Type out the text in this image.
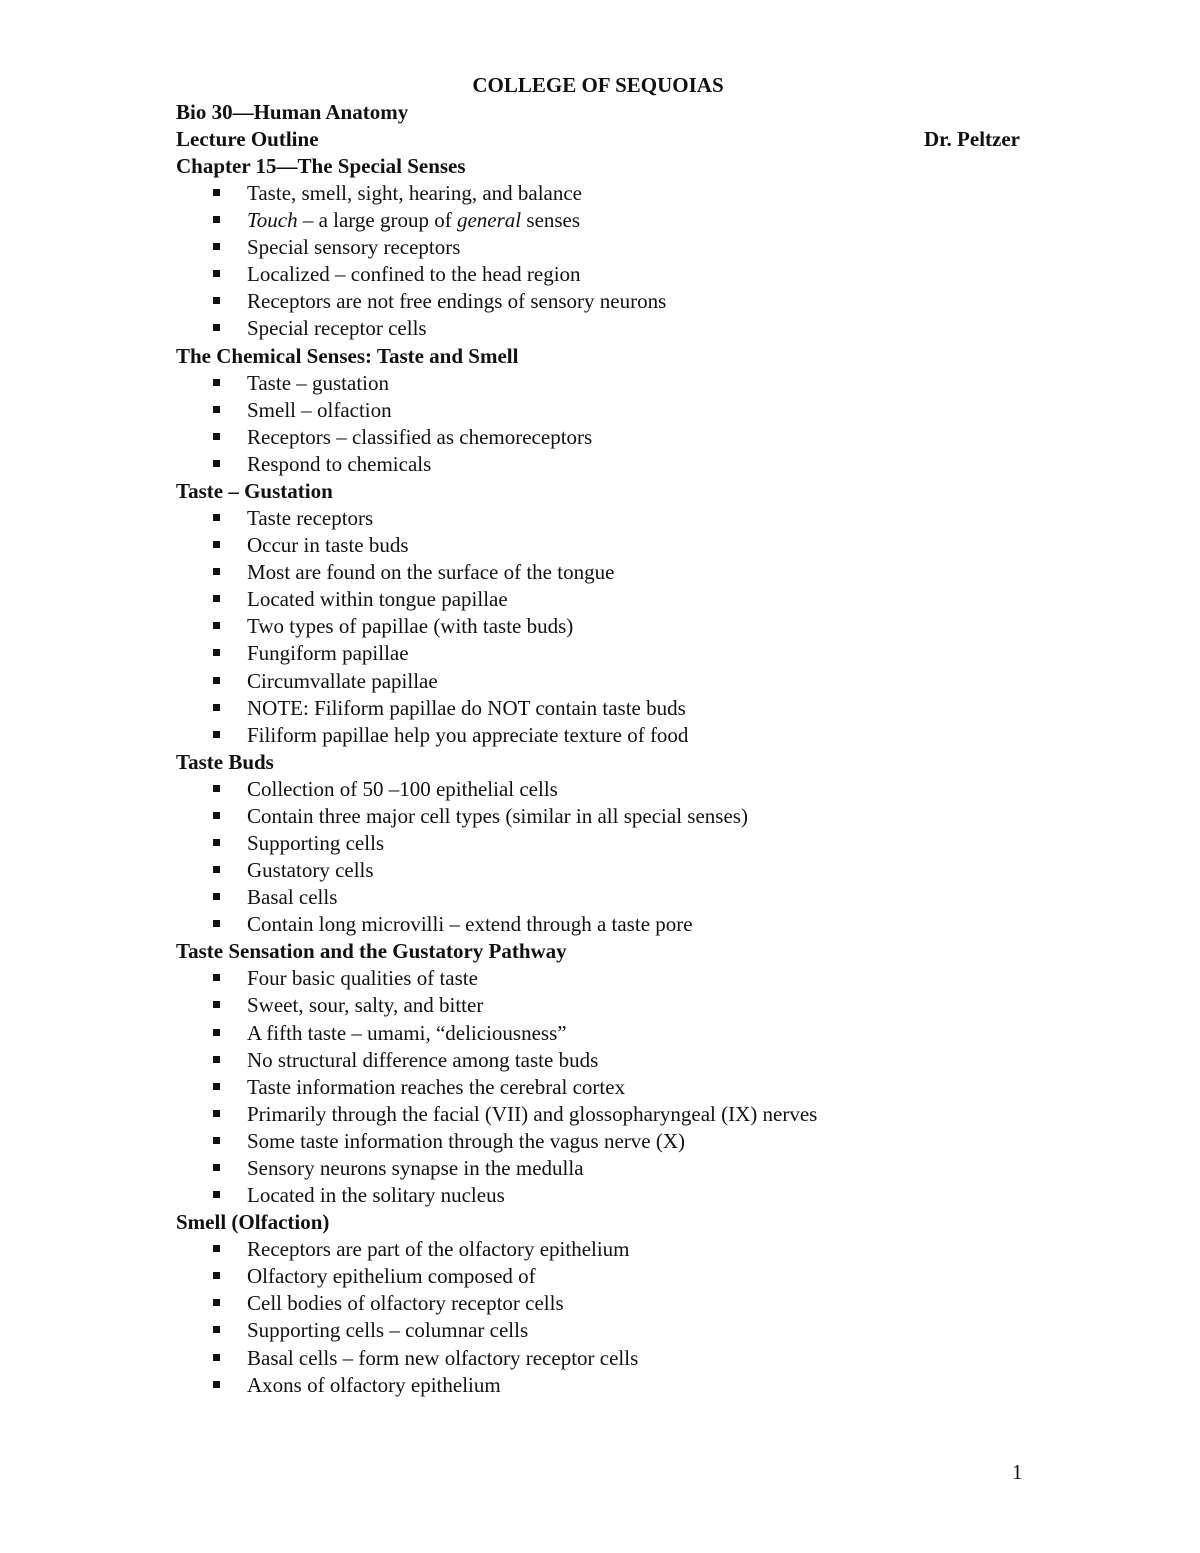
COLLEGE OF SEQUOIAS
Bio 30—Human Anatomy
Lecture Outline	Dr. Peltzer
Chapter 15—The Special Senses
Taste, smell, sight, hearing, and balance
Touch – a large group of general senses
Special sensory receptors
Localized – confined to the head region
Receptors are not free endings of sensory neurons
Special receptor cells
The Chemical Senses: Taste and Smell
Taste – gustation
Smell – olfaction
Receptors – classified as chemoreceptors
Respond to chemicals
Taste – Gustation
Taste receptors
Occur in taste buds
Most are found on the surface of the tongue
Located within tongue papillae
Two types of papillae (with taste buds)
Fungiform papillae
Circumvallate papillae
NOTE: Filiform papillae do NOT contain taste buds
Filiform papillae help you appreciate texture of food
Taste Buds
Collection of 50 –100 epithelial cells
Contain three major cell types (similar in all special senses)
Supporting cells
Gustatory cells
Basal cells
Contain long microvilli – extend through a taste pore
Taste Sensation and the Gustatory Pathway
Four basic qualities of taste
Sweet, sour, salty, and bitter
A fifth taste – umami, “deliciousness”
No structural difference among taste buds
Taste information reaches the cerebral cortex
Primarily through the facial (VII) and glossopharyngeal (IX) nerves
Some taste information through the vagus nerve (X)
Sensory neurons synapse in the medulla
Located in the solitary nucleus
Smell (Olfaction)
Receptors are part of the olfactory epithelium
Olfactory epithelium composed of
Cell bodies of olfactory receptor cells
Supporting cells – columnar cells
Basal cells – form new olfactory receptor cells
Axons of olfactory epithelium
1
